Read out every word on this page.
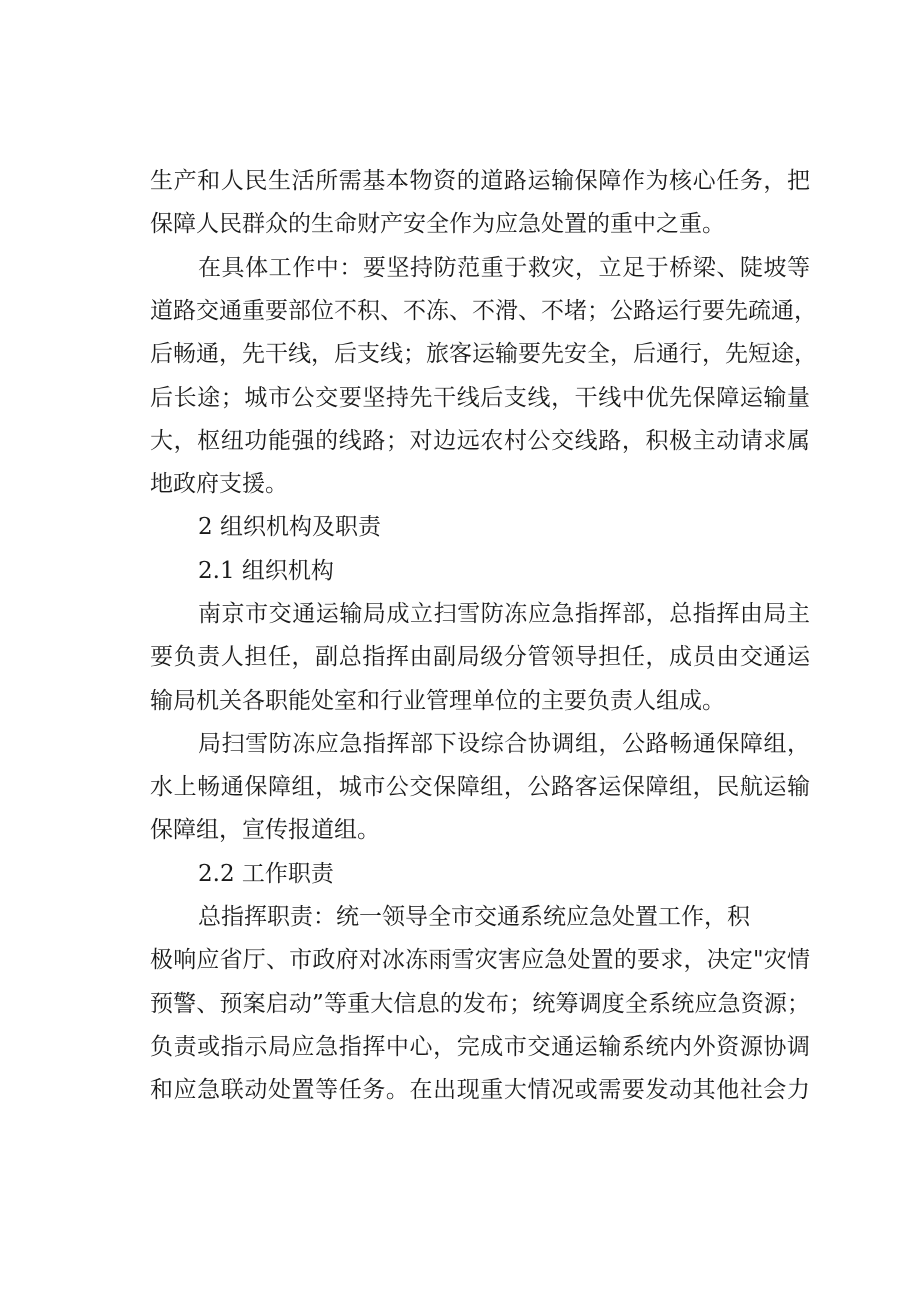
生产和人民生活所需基本物资的道路运输保障作为核心任务，把
保障人民群众的生命财产安全作为应急处置的重中之重。
在具体工作中：要坚持防范重于救灾，立足于桥梁、陡坡等
道路交通重要部位不积、不冻、不滑、不堵；公路运行要先疏通，
后畅通，先干线，后支线；旅客运输要先安全，后通行，先短途，
后长途；城市公交要坚持先干线后支线，干线中优先保障运输量
大，枢纽功能强的线路；对边远农村公交线路，积极主动请求属
地政府支援。
2 组织机构及职责
2.1 组织机构
南京市交通运输局成立扫雪防冻应急指挥部，总指挥由局主
要负责人担任，副总指挥由副局级分管领导担任，成员由交通运
输局机关各职能处室和行业管理单位的主要负责人组成。
局扫雪防冻应急指挥部下设综合协调组，公路畅通保障组，
水上畅通保障组，城市公交保障组，公路客运保障组，民航运输
保障组，宣传报道组。
2.2 工作职责
总指挥职责：统一领导全市交通系统应急处置工作，积
极响应省厅、市政府对冰冻雨雪灾害应急处置的要求，决定"灾情
预警、预案启动”等重大信息的发布；统筹调度全系统应急资源；
负责或指示局应急指挥中心，完成市交通运输系统内外资源协调
和应急联动处置等任务。在出现重大情况或需要发动其他社会力
